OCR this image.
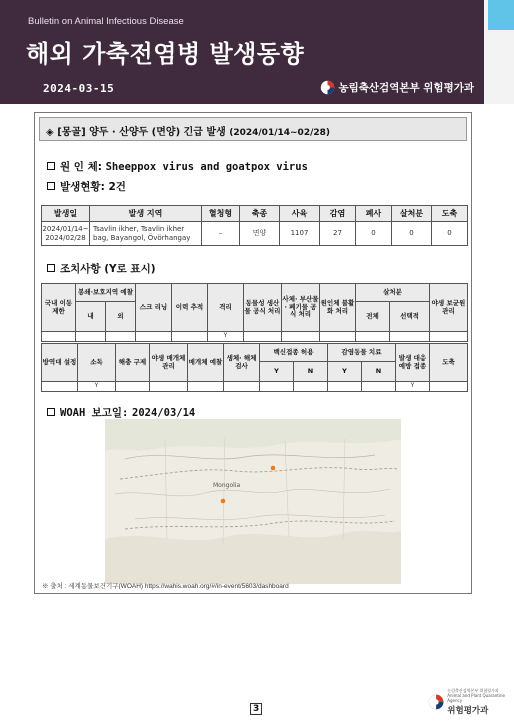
Bulletin on Animal Infectious Disease
해외 가축전염병 발생동향
2024-03-15	농림축산검역본부 위험평가과
◈ [몽골] 양두 · 산양두 (면양) 긴급 발생 (2024/01/14~02/28)
원 인 체: Sheeppox virus and goatpox virus
발생현황: 2건
발생일	발생 지역	혈청형	축종	사육	감염	폐사	살처분	도축
2024/01/14~ 2024/02/28	Tsavlin ikher, Tsavlin ikher bag, Bayangol, Övörhangay	–	면양	1107	27	0	0	0
조치사항 (Y로 표시)
국내 이동 제한	봉쇄·보호지역 예찰		스크 리닝	이력 추적	격리	동물성 생산물 공식 처리	사체· 부산물· 폐기물 공식 처리	원인체 불활화 처리	살처분		야생 보균원 관리
	내	외							전체	선택적	
					Y						
방역대 설정	소독	해충 구제	야생 매개체 관리	매개체 예찰	생체· 해체 검사	백신접종 허용		감염동물 치료		발생 대응 예방 접종	도축
						Y	N	Y	N		
	Y									Y	
WOAH 보고일: 2024/03/14
Mongolia
※ 출처 : 세계동물보건기구(WOAH) https://wahis.woah.org/#/in-event/5603/dashboard
3
농림축산검역본부 위험평가과
Animal and Plant Quarantine Agency
위험평가과
